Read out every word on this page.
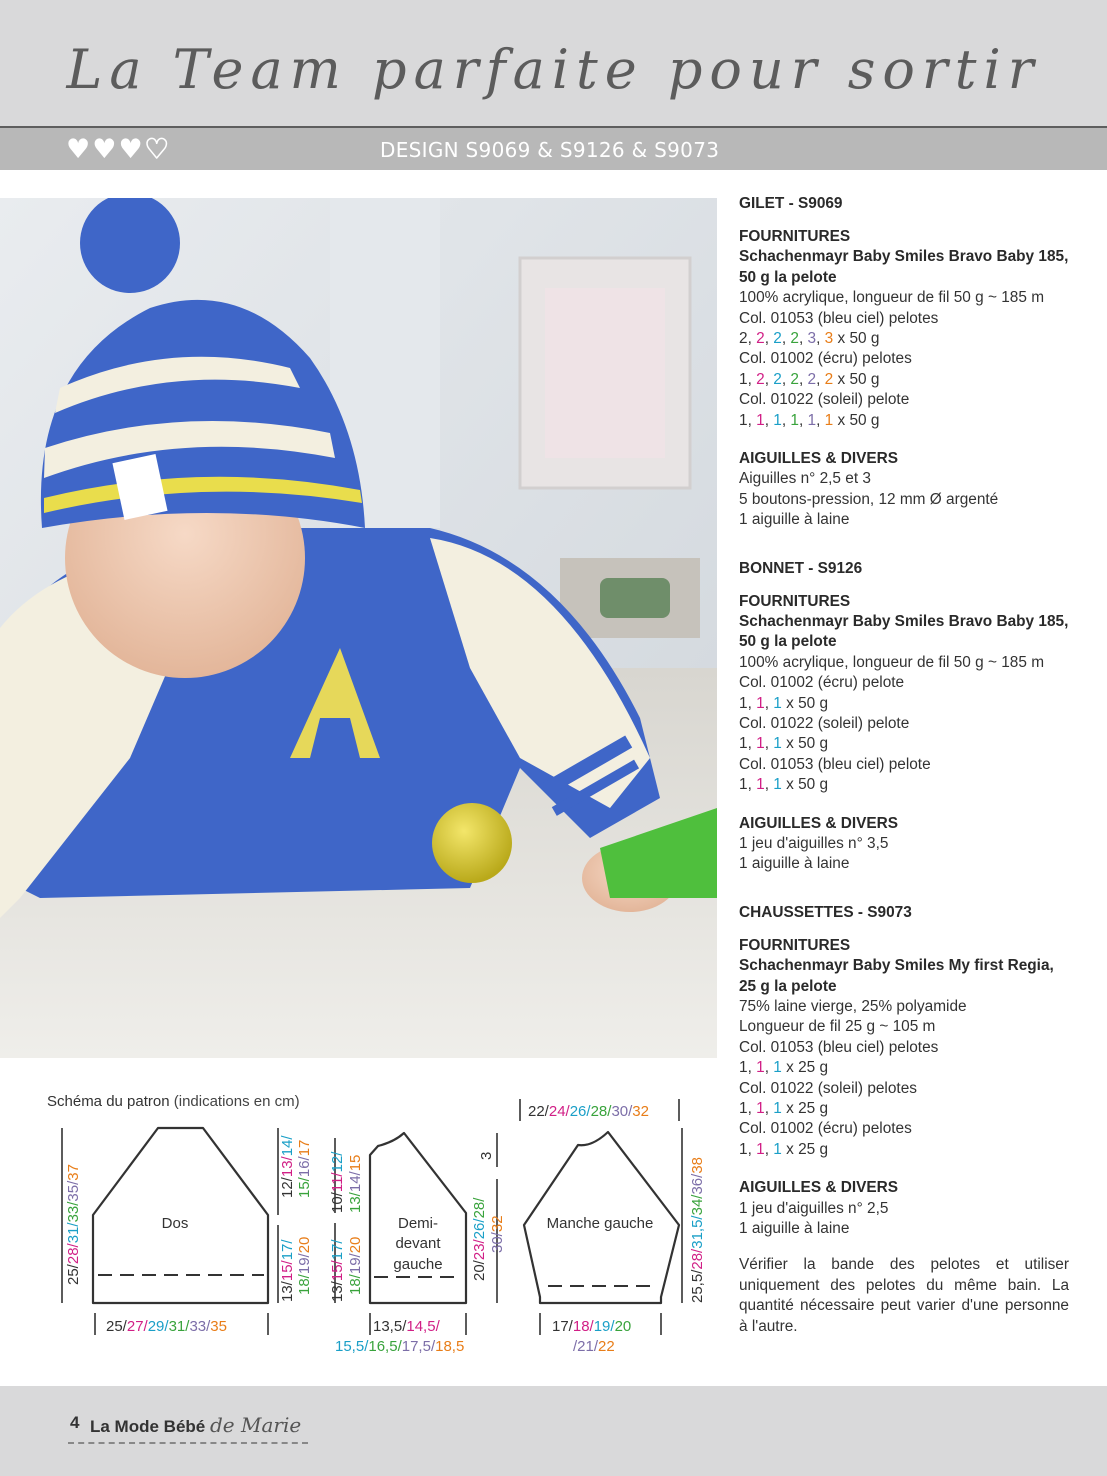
La Team parfaite pour sortir
♥ ♥ ♥ ♥	DESIGN S9069 & S9126 & S9073
GILET - S9069
FOURNITURES
Schachenmayr Baby Smiles Bravo Baby 185, 50 g la pelote
100% acrylique, longueur de fil 50 g ~ 185 m
Col. 01053 (bleu ciel) pelotes
2, 2, 2, 2, 3, 3 x 50 g
Col. 01002 (écru) pelotes
1, 2, 2, 2, 2, 2 x 50 g
Col. 01022 (soleil) pelote
1, 1, 1, 1, 1, 1 x 50 g
AIGUILLES & DIVERS
Aiguilles n° 2,5 et 3
5 boutons-pression, 12 mm Ø argenté
1 aiguille à laine
BONNET - S9126
FOURNITURES
Schachenmayr Baby Smiles Bravo Baby 185, 50 g la pelote
100% acrylique, longueur de fil 50 g ~ 185 m
Col. 01002 (écru) pelote
1, 1, 1 x 50 g
Col. 01022 (soleil) pelote
1, 1, 1 x 50 g
Col. 01053 (bleu ciel) pelote
1, 1, 1 x 50 g
AIGUILLES & DIVERS
1 jeu d'aiguilles n° 3,5
1 aiguille à laine
CHAUSSETTES - S9073
FOURNITURES
Schachenmayr Baby Smiles My first Regia, 25 g la pelote
75% laine vierge, 25% polyamide
Longueur de fil 25 g ~ 105 m
Col. 01053 (bleu ciel) pelotes
1, 1, 1 x 25 g
Col. 01022 (soleil) pelotes
1, 1, 1 x 25 g
Col. 01002 (écru) pelotes
1, 1, 1 x 25 g
AIGUILLES & DIVERS
1 jeu d'aiguilles n° 2,5
1 aiguille à laine
Vérifier la bande des pelotes et utiliser uniquement des pelotes du même bain. La quantité nécessaire peut varier d'une personne à l'autre.
Schéma du patron (indications en cm)
Dos	Demi-
devant
gauche
Manche gauche
25/28/31/33/35/37
12/13/14/
15/16/17
13/15/17/
18/19/20
25/27/29/31/33/35
10/11/12/
13/14/15
13/15/17/
18/19/20
3
20/23/26/28/
30/32
13,5/14,5/
15,5/16,5/17,5/18,5
22/24/26/28/30/32
25,5/28/31,5/34/36/38
17/18/19/20
/21/22
4 La Mode Bébé de Marie
